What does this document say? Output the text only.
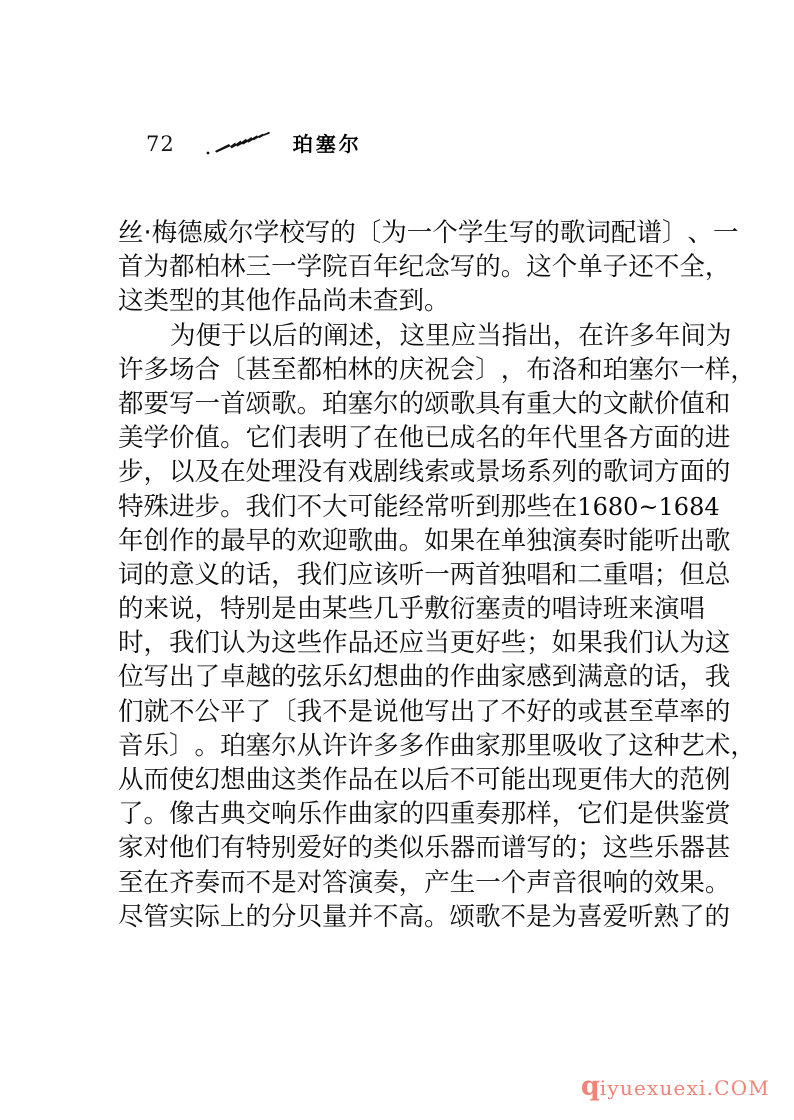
72	珀塞尔
丝 · 梅 德 威 尔 学 校 写 的 〔 为 一 个 学 生 写 的 歌 词 配 谱 〕 、 一
首 为 都 柏 林 三 一 学 院 百 年 纪 念 写 的 。 这 个 单 子 还 不 全 ，
这类型的其他作品尚未查到。
为 便 于 以 后 的 阐 述 ， 这 里 应 当 指 出 ， 在 许 多 年 间 为
许 多 场 合 〔 甚 至 都 柏 林 的 庆 祝 会 〕 ， 布 洛 和 珀 塞 尔 一 样 ，
都 要 写 一 首 颂 歌 。 珀 塞 尔 的 颂 歌 具 有 重 大 的 文 献 价 值 和
美 学 价 值 。 它 们 表 明 了 在 他 已 成 名 的 年 代 里 各 方 面 的 进
步 ， 以 及 在 处 理 没 有 戏 剧 线 索 或 景 场 系 列 的 歌 词 方 面 的
特 殊 进 步 。 我 们 不 大 可 能 经 常 听 到 那 些 在 1 6 8 0 ~ 1 6 8 4
年 创 作 的 最 早 的 欢 迎 歌 曲 。 如 果 在 单 独 演 奏 时 能 听 出 歌
词 的 意 义 的 话 ， 我 们 应 该 听 一 两 首 独 唱 和 二 重 唱 ； 但 总
的 来 说 ， 特 别 是 由 某 些 几 乎 敷 衍 塞 责 的 唱 诗 班 来 演 唱
时 ， 我 们 认 为 这 些 作 品 还 应 当 更 好 些 ； 如 果 我 们 认 为 这
位 写 出 了 卓 越 的 弦 乐 幻 想 曲 的 作 曲 家 感 到 满 意 的 话 ， 我
们 就 不 公 平 了 〔 我 不 是 说 他 写 出 了 不 好 的 或 甚 至 草 率 的
音 乐 〕 。 珀 塞 尔 从 许 许 多 多 作 曲 家 那 里 吸 收 了 这 种 艺 术 ，
从 而 使 幻 想 曲 这 类 作 品 在 以 后 不 可 能 出 现 更 伟 大 的 范 例
了 。 像 古 典 交 响 乐 作 曲 家 的 四 重 奏 那 样 ， 它 们 是 供 鉴 赏
家 对 他 们 有 特 别 爱 好 的 类 似 乐 器 而 谱 写 的 ； 这 些 乐 器 甚
至 在 齐 奏 而 不 是 对 答 演 奏 ， 产 生 一 个 声 音 很 响 的 效 果 。
尽管实际上的分贝量并不高。颂歌不是为喜爱听熟了的
q iyuexuexi.COM
